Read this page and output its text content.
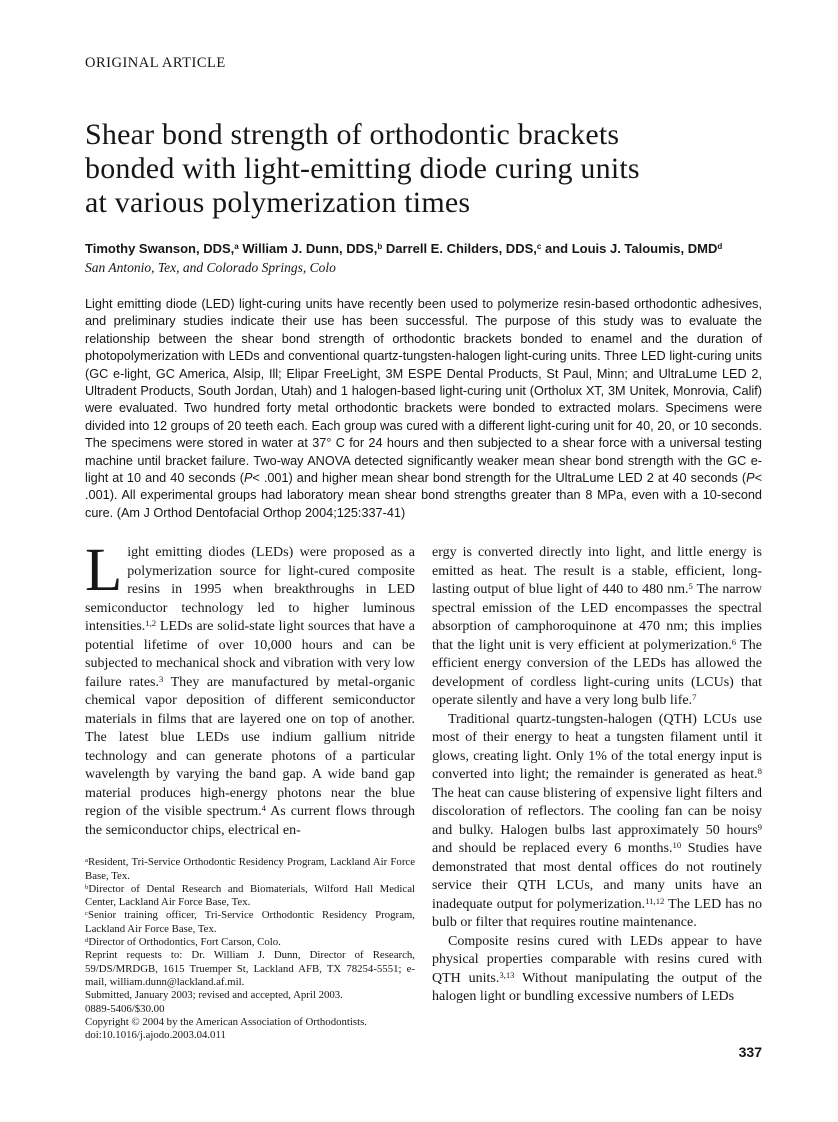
ORIGINAL ARTICLE
Shear bond strength of orthodontic brackets
bonded with light-emitting diode curing units
at various polymerization times
Timothy Swanson, DDS,$^a$ William J. Dunn, DDS,$^b$ Darrell E. Childers, DDS,$^c$ and Louis J. Taloumis, DMD$^d$
San Antonio, Tex, and Colorado Springs, Colo
Light emitting diode (LED) light-curing units have recently been used to polymerize resin-based orthodontic adhesives, and preliminary studies indicate their use has been successful. The purpose of this study was to evaluate the relationship between the shear bond strength of orthodontic brackets bonded to enamel and the duration of photopolymerization with LEDs and conventional quartz-tungsten-halogen light-curing units. Three LED light-curing units (GC e-light, GC America, Alsip, Ill; Elipar FreeLight, 3M ESPE Dental Products, St Paul, Minn; and UltraLume LED 2, Ultradent Products, South Jordan, Utah) and 1 halogen-based light-curing unit (Ortholux XT, 3M Unitek, Monrovia, Calif) were evaluated. Two hundred forty metal orthodontic brackets were bonded to extracted molars. Specimens were divided into 12 groups of 20 teeth each. Each group was cured with a different light-curing unit for 40, 20, or 10 seconds. The specimens were stored in water at 37° C for 24 hours and then subjected to a shear force with a universal testing machine until bracket failure. Two-way ANOVA detected significantly weaker mean shear bond strength with the GC e-light at 10 and 40 seconds (P< .001) and higher mean shear bond strength for the UltraLume LED 2 at 40 seconds (P< .001). All experimental groups had laboratory mean shear bond strengths greater than 8 MPa, even with a 10-second cure. (Am J Orthod Dentofacial Orthop 2004;125:337-41)

Light emitting diodes (LEDs) were proposed as a polymerization source for light-cured composite resins in 1995 when breakthroughs in LED semiconductor technology led to higher luminous intensities.$^{1,2}$ LEDs are solid-state light sources that have a potential lifetime of over 10,000 hours and can be subjected to mechanical shock and vibration with very low failure rates.$^3$ They are manufactured by metal-organic chemical vapor deposition of different semiconductor materials in films that are layered one on top of another. The latest blue LEDs use indium gallium nitride technology and can generate photons of a particular wavelength by varying the band gap. A wide band gap material produces high-energy photons near the blue region of the visible spectrum.$^4$ As current flows through the semiconductor chips, electrical en-

$^a$Resident, Tri-Service Orthodontic Residency Program, Lackland Air Force Base, Tex.

$^b$Director of Dental Research and Biomaterials, Wilford Hall Medical Center, Lackland Air Force Base, Tex.

$^c$Senior training officer, Tri-Service Orthodontic Residency Program, Lackland Air Force Base, Tex.

$^d$Director of Orthodontics, Fort Carson, Colo.

Reprint requests to: Dr. William J. Dunn, Director of Research, 59/DS/MRDGB, 1615 Truemper St, Lackland AFB, TX 78254-5551; e-mail, william.dunn@lackland.af.mil.

Submitted, January 2003; revised and accepted, April 2003.

0889-5406/$30.00

Copyright © 2004 by the American Association of Orthodontists.

doi:10.1016/j.ajodo.2003.04.011

ergy is converted directly into light, and little energy is emitted as heat. The result is a stable, efficient, long-lasting output of blue light of 440 to 480 nm.$^5$ The narrow spectral emission of the LED encompasses the spectral absorption of camphoroquinone at 470 nm; this implies that the light unit is very efficient at polymerization.$^6$ The efficient energy conversion of the LEDs has allowed the development of cordless light-curing units (LCUs) that operate silently and have a very long bulb life.$^7$

Traditional quartz-tungsten-halogen (QTH) LCUs use most of their energy to heat a tungsten filament until it glows, creating light. Only 1% of the total energy input is converted into light; the remainder is generated as heat.$^8$ The heat can cause blistering of expensive light filters and discoloration of reflectors. The cooling fan can be noisy and bulky. Halogen bulbs last approximately 50 hours$^9$ and should be replaced every 6 months.$^{10}$ Studies have demonstrated that most dental offices do not routinely service their QTH LCUs, and many units have an inadequate output for polymerization.$^{11,12}$ The LED has no bulb or filter that requires routine maintenance.

Composite resins cured with LEDs appear to have physical properties comparable with resins cured with QTH units.$^{3,13}$ Without manipulating the output of the halogen light or bundling excessive numbers of LEDs

337
